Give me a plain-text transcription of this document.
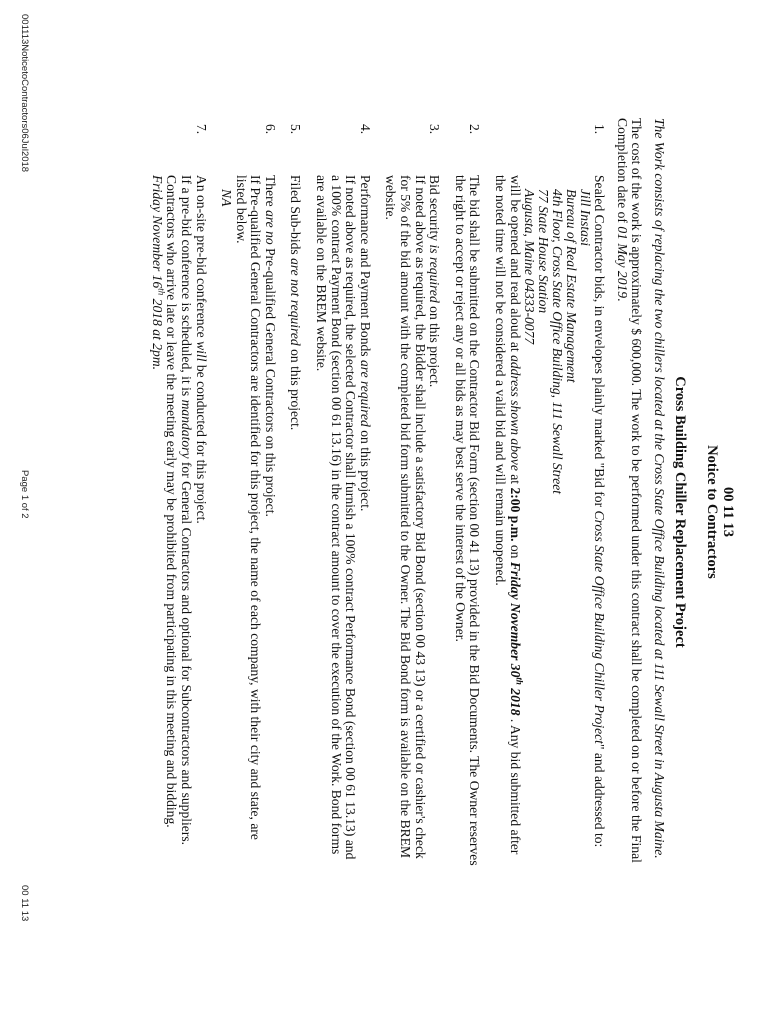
00 11 13
Notice to Contractors
Cross Building Chiller Replacement Project

The Work consists of replacing the two chillers located at the Cross State Office Building located at 111 Sewall Street in Augusta Maine.

The cost of the work is approximately $ 600,000. The work to be performed under this contract shall be completed on or before the Final Completion date of 01 May 2019.

1.
Sealed Contractor bids, in envelopes plainly marked "Bid for Cross State Office Building Chiller Project" and addressed to:
Jill Instasi
Bureau of Real Estate Management
4th Floor, Cross State Office Building, 111 Sewall Street
77 State House Station
Augusta, Maine 04333-0077
will be opened and read aloud at address shown above at 2:00 p.m. on Friday November 30th 2018 . Any bid submitted after the noted time will not be considered a valid bid and will remain unopened.
2.
The bid shall be submitted on the Contractor Bid Form (section 00 41 13) provided in the Bid Documents. The Owner reserves the right to accept or reject any or all bids as may best serve the interest of the Owner.
3.
Bid security is required on this project.
If noted above as required, the Bidder shall include a satisfactory Bid Bond (section 00 43 13) or a certified or cashier's check for 5% of the bid amount with the completed bid form submitted to the Owner. The Bid Bond form is available on the BREM website.
4.
Performance and Payment Bonds are required on this project.
If noted above as required, the selected Contractor shall furnish a 100% contract Performance Bond (section 00 61 13.13) and a 100% contract Payment Bond (section 00 61 13.16) in the contract amount to cover the execution of the Work. Bond forms are available on the BREM website.
5.
Filed Sub-bids are not required on this project.
6.
There are no Pre-qualified General Contractors on this project.
If Pre-qualified General Contractors are identified for this project, the name of each company, with their city and state, are listed below.
NA
7.
An on-site pre-bid conference will be conducted for this project.
If a pre-bid conference is scheduled, it is mandatory for General Contractors and optional for Subcontractors and suppliers. Contractors who arrive late or leave the meeting early may be prohibited from participating in this meeting and bidding. Friday November 16th 2018 at 2pm.
001113NoticetoContractors06Jul2018
Page 1 of 2
00 11 13
